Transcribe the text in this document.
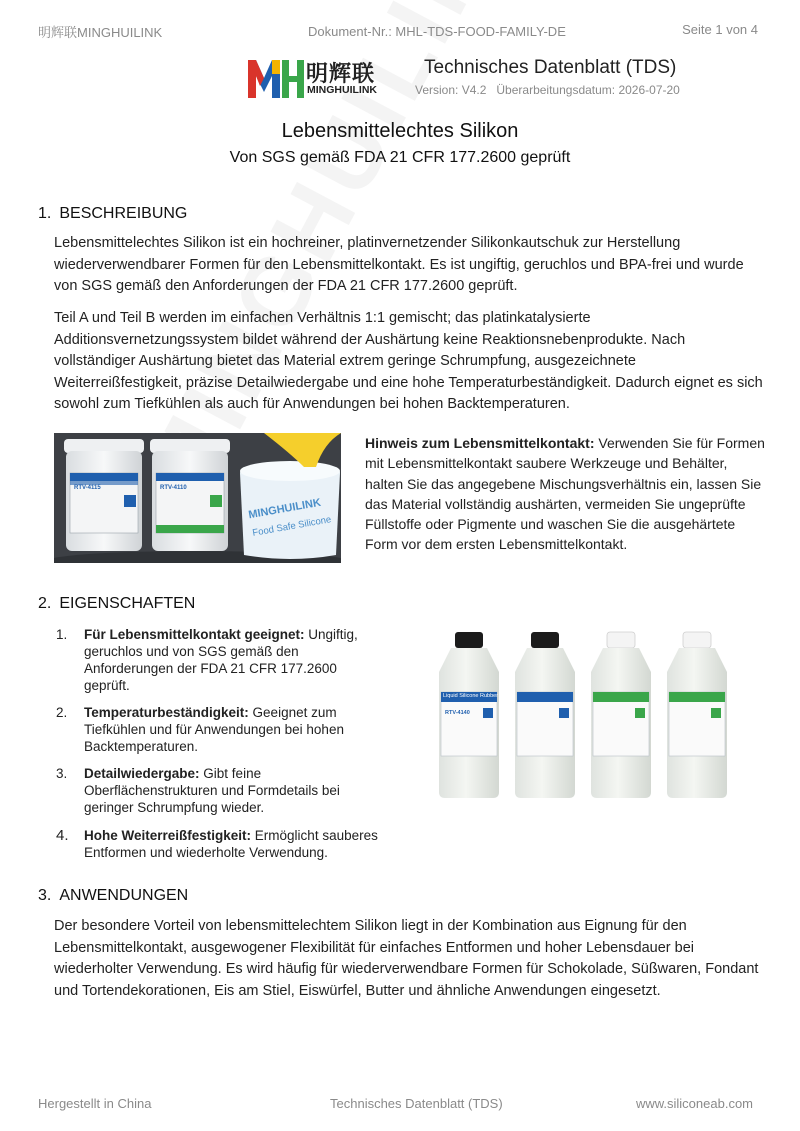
明辉联MINGHUILINK	Dokument-Nr.: MHL-TDS-FOOD-FAMILY-DE	Seite 1 von 4
明辉联
MINGHUILINK
Technisches Datenblatt (TDS)
Version: V4.2 Überarbeitungsdatum: 2026-07-20
Lebensmittelechtes Silikon
Von SGS gemäß FDA 21 CFR 177.2600 geprüft
1. BESCHREIBUNG
Lebensmittelechtes Silikon ist ein hochreiner, platinvernetzender Silikonkautschuk zur Herstellung wiederverwendbarer Formen für den Lebensmittelkontakt. Es ist ungiftig, geruchlos und BPA-frei und wurde von SGS gemäß den Anforderungen der FDA 21 CFR 177.2600 geprüft.
Teil A und Teil B werden im einfachen Verhältnis 1:1 gemischt; das platinkatalysierte Additionsvernetzungssystem bildet während der Aushärtung keine Reaktionsnebenprodukte. Nach vollständiger Aushärtung bietet das Material extrem geringe Schrumpfung, ausgezeichnete Weiterreißfestigkeit, präzise Detailwiedergabe und eine hohe Temperaturbeständigkeit. Dadurch eignet es sich sowohl zum Tiefkühlen als auch für Anwendungen bei hohen Backtemperaturen.
RTV-4115	RTV-4110
MINGHUILINK
Food Safe Silicone
Hinweis zum Lebensmittelkontakt: Verwenden Sie für Formen mit Lebensmittelkontakt saubere Werkzeuge und Behälter, halten Sie das angegebene Mischungsverhältnis ein, lassen Sie das Material vollständig aushärten, vermeiden Sie ungeprüfte Füllstoffe oder Pigmente und waschen Sie die ausgehärtete Form vor dem ersten Lebensmittelkontakt.
2. EIGENSCHAFTEN
1.	Für Lebensmittelkontakt geeignet: Ungiftig, geruchlos und von SGS gemäß den Anforderungen der FDA 21 CFR 177.2600 geprüft.
2.	Temperaturbeständigkeit: Geeignet zum Tiefkühlen und für Anwendungen bei hohen Backtemperaturen.
3.	Detailwiedergabe: Gibt feine Oberflächenstrukturen und Formdetails bei geringer Schrumpfung wieder.
4.	Hohe Weiterreißfestigkeit: Ermöglicht sauberes Entformen und wiederholte Verwendung.
Liquid Silicone Rubber
RTV-4140
3. ANWENDUNGEN
Der besondere Vorteil von lebensmittelechtem Silikon liegt in der Kombination aus Eignung für den Lebensmittelkontakt, ausgewogener Flexibilität für einfaches Entformen und hoher Lebensdauer bei wiederholter Verwendung. Es wird häufig für wiederverwendbare Formen für Schokolade, Süßwaren, Fondant und Tortendekorationen, Eis am Stiel, Eiswürfel, Butter und ähnliche Anwendungen eingesetzt.
Hergestellt in China	Technisches Datenblatt (TDS)	www.siliconeab.com
